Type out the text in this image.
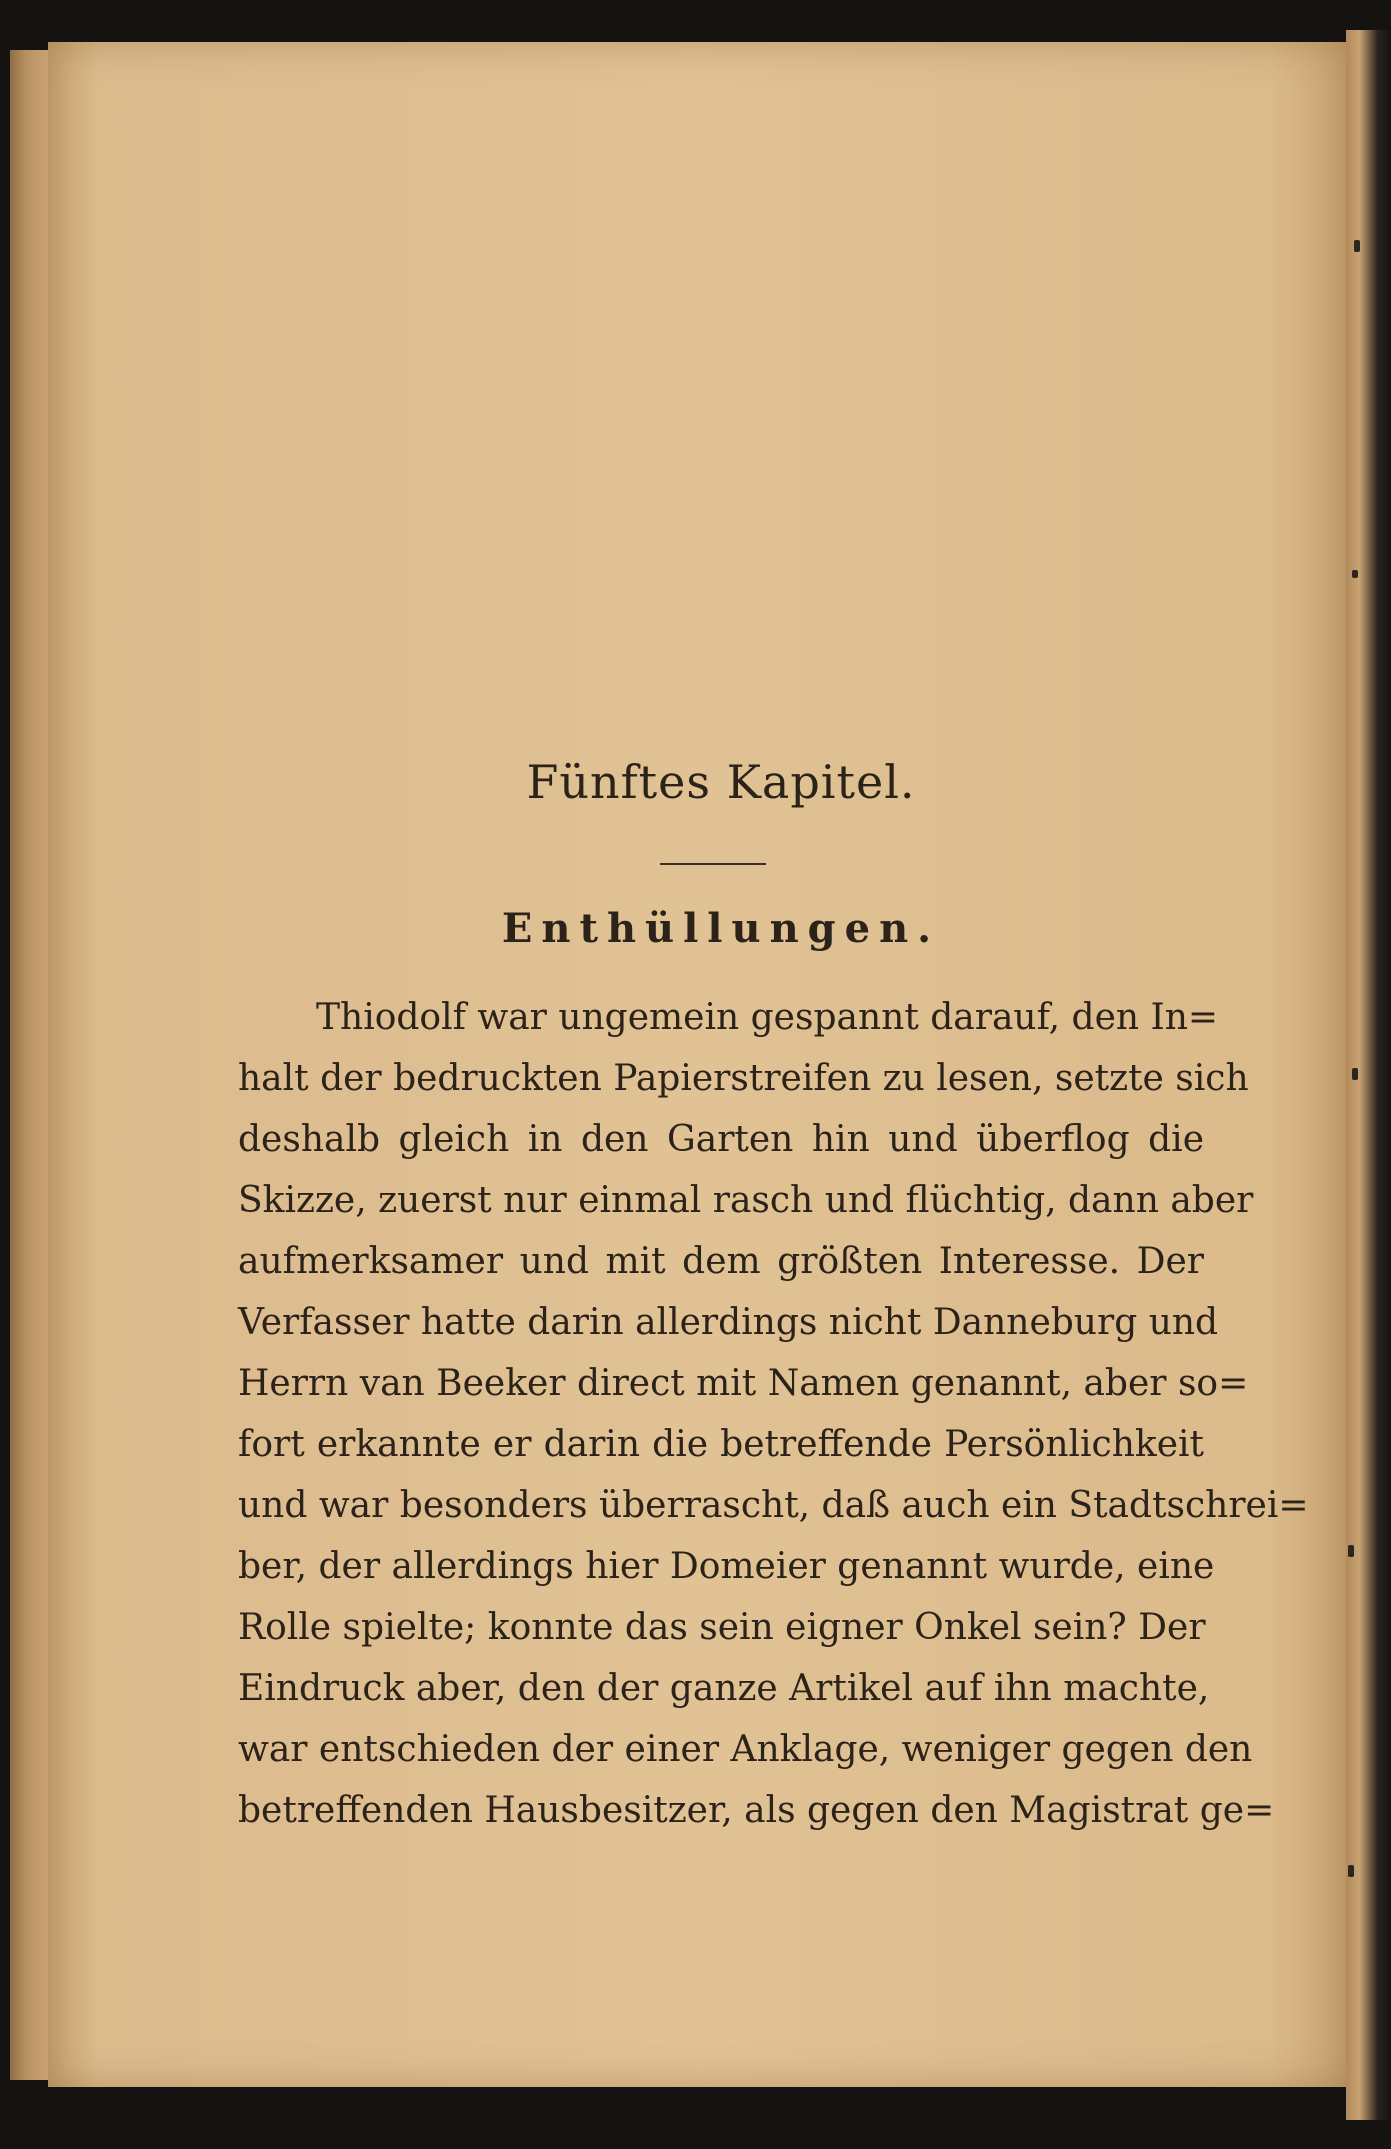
Fünftes Kapitel.
Enthüllungen.
Thiodolf war ungemein gespannt darauf, den In=
halt der bedruckten Papierstreifen zu lesen, setzte sich
deshalb gleich in den Garten hin und überflog die
Skizze, zuerst nur einmal rasch und flüchtig, dann aber
aufmerksamer und mit dem größten Interesse. Der
Verfasser hatte darin allerdings nicht Danneburg und
Herrn van Beeker direct mit Namen genannt, aber so=
fort erkannte er darin die betreffende Persönlichkeit
und war besonders überrascht, daß auch ein Stadtschrei=
ber, der allerdings hier Domeier genannt wurde, eine
Rolle spielte; konnte das sein eigner Onkel sein? Der
Eindruck aber, den der ganze Artikel auf ihn machte,
war entschieden der einer Anklage, weniger gegen den
betreffenden Hausbesitzer, als gegen den Magistrat ge=
